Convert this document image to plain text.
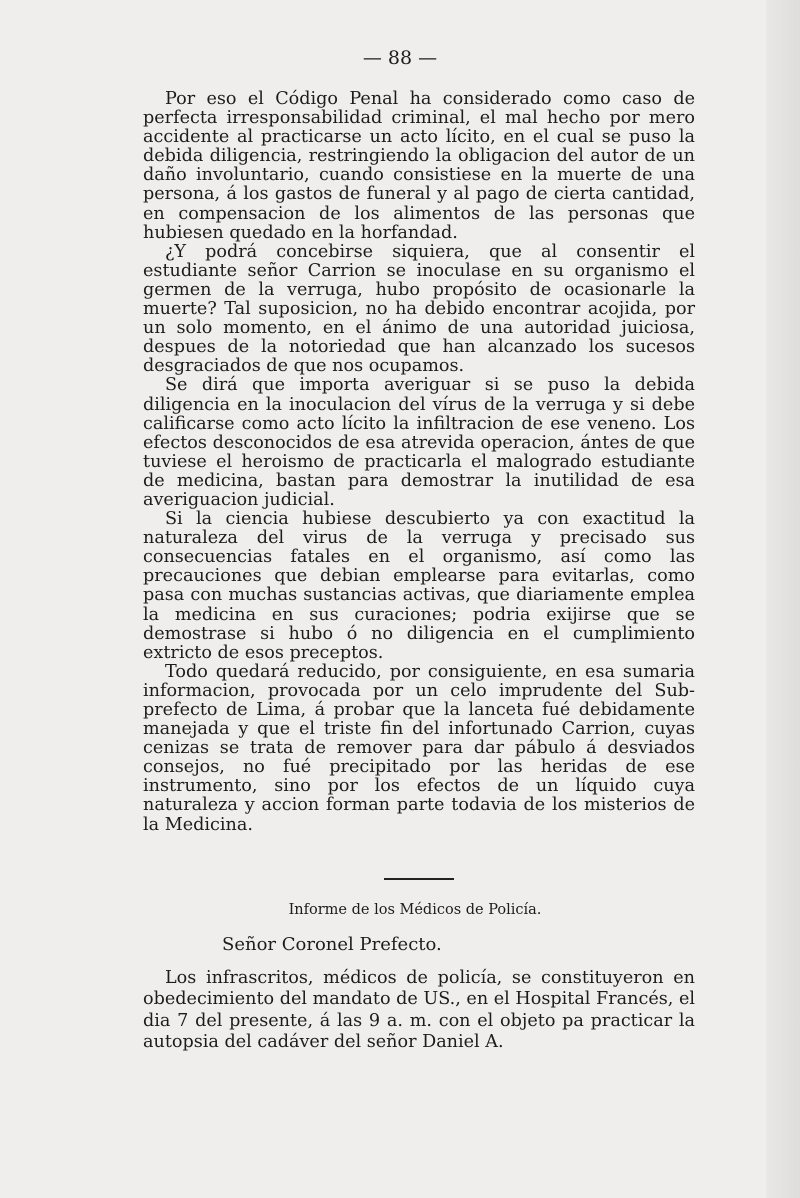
— 88 —

Por eso el Código Penal ha considerado como caso de perfecta irresponsabilidad criminal, el mal hecho por mero accidente al practicarse un acto lícito, en el cual se puso la debida diligencia, restringiendo la obligacion del autor de un daño involuntario, cuando consistiese en la muerte de una persona, á los gastos de funeral y al pago de cierta cantidad, en compensacion de los alimentos de las personas que hubiesen quedado en la horfandad.

¿Y podrá concebirse siquiera, que al consentir el estudiante señor Carrion se inoculase en su organismo el germen de la verruga, hubo propósito de ocasionarle la muerte? Tal suposicion, no ha debido encontrar acojida, por un solo momento, en el ánimo de una autoridad juiciosa, despues de la notoriedad que han alcanzado los sucesos desgraciados de que nos ocupamos.

Se dirá que importa averiguar si se puso la debida diligencia en la inoculacion del vírus de la verruga y si debe calificarse como acto lícito la infiltracion de ese veneno. Los efectos desconocidos de esa atrevida operacion, ántes de que tuviese el heroismo de practicarla el malogrado estudiante de medicina, bastan para demostrar la inutilidad de esa averiguacion judicial.

Si la ciencia hubiese descubierto ya con exactitud la naturaleza del virus de la verruga y precisado sus consecuencias fatales en el organismo, así como las precauciones que debian emplearse para evitarlas, como pasa con muchas sustancias activas, que diariamente emplea la medicina en sus curaciones; podria exijirse que se demostrase si hubo ó no diligencia en el cumplimiento extricto de esos preceptos.

Todo quedará reducido, por consiguiente, en esa sumaria informacion, provocada por un celo imprudente del Sub-prefecto de Lima, á probar que la lanceta fué debidamente manejada y que el triste fin del infortunado Carrion, cuyas cenizas se trata de remover para dar pábulo á desviados consejos, no fué precipitado por las heridas de ese instrumento, sino por los efectos de un líquido cuya naturaleza y accion forman parte todavia de los misterios de la Medicina.

Informe de los Médicos de Policía.
Señor Coronel Prefecto.

Los infrascritos, médicos de policía, se constituyeron en obedecimiento del mandato de US., en el Hospital Francés, el dia 7 del presente, á las 9 a. m. con el objeto pa practicar la autopsia del cadáver del señor Daniel A.
